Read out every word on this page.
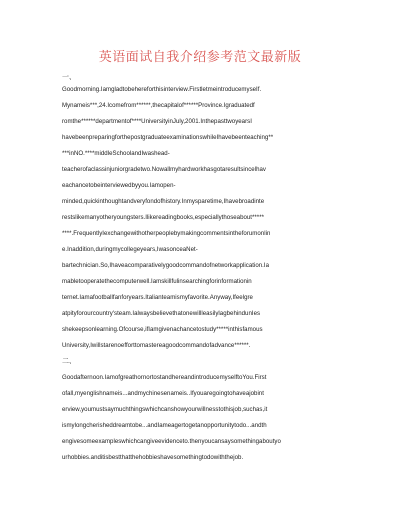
英语面试自我介绍参考范文最新版
一、
Goodmorning.Iamgladtobehereforthisinterview.FirstletmeintroducemyseIf.
Mynameis***,24.Icomefrom******,thecapitalof******Province.Igraduatedf
romthe******departmentof****UniversityinJuly,2001.InthepasttwoyearsI
havebeenpreparingforthepostgraduateexaminationswhileIhavebeenteaching**
***inNO.****middleSchoolandIwashead-
teacherofaclassinjuniorgradetwo.Nowallmyhardworkhasgotaresultsincelhav
eachancetobeinterviewedbyyou.Iamopen-
minded,quickinthoughtandveryfondofhistory.Inmysparetime,Ihavebroadinte
restslikemanyotheryoungsters.Ilikereadingbooks,especiallythoseabout*****
****.FrequentlyIexchangewithotherpeoplebymakingcommentsintheforumonlin
e.Inaddition,duringmycollegeyears,IwasonceaNet-
bartechnician.So,Ihaveacomparativelygoodcommandofnetworkapplication.Ia
mabletooperatethecomputerwell.Iamskillfulinsearchingforinformationin
ternet.Iamafootballfanforyears.Italianteamismyfavorite.Anyway,Ifeelgre
atpityforourcountry'steam.IalwaysbelievethatonewillleasilylagbehindunIes
shekeepsonlearning.Ofcourse,ifIamgivenachancetostudy*****inthisfamous
University,Iwillstarenoefforttomastereagoodcommandofadvance******.
二、
Goodafternoon.IamofgreathornortostandhereandintroducemyselftoYou.First
ofall,myenglishnameis...andmychinesenameis..Ifyouaregoingtohaveajobint
erview,youmustsaymuchthingswhichcanshowyourwillnesstothisjob,suchas,it
ismylongcherisheddreamtobe...andIameagertogetanopportunitytodo...andth
engivesomeexampleswhichcangiveevidenceto.thenyoucansaysomethingaboutyo
urhobbies.anditisbestthatthehobbieshavesomethingtodowiththejob.
